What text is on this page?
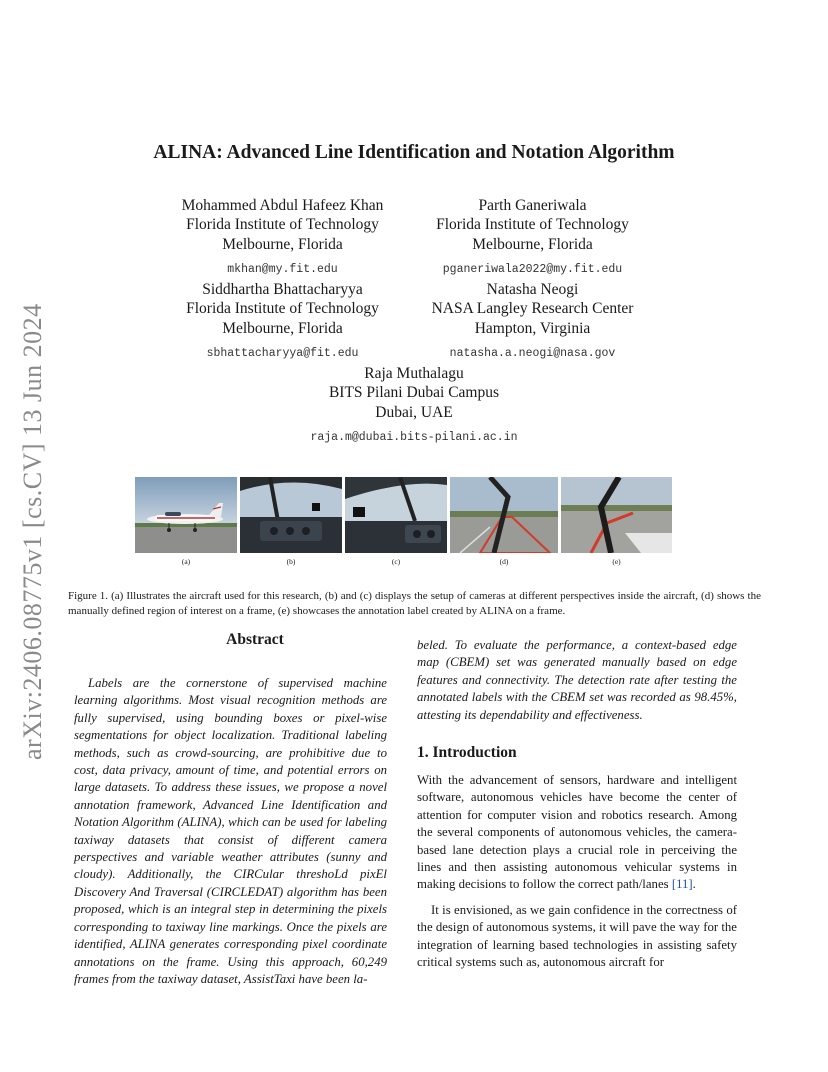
arXiv:2406.08775v1 [cs.CV] 13 Jun 2024
ALINA: Advanced Line Identification and Notation Algorithm
Mohammed Abdul Hafeez Khan
Florida Institute of Technology
Melbourne, Florida
mkhan@my.fit.edu
Parth Ganeriwala
Florida Institute of Technology
Melbourne, Florida
pganeriwala2022@my.fit.edu
Siddhartha Bhattacharyya
Florida Institute of Technology
Melbourne, Florida
sbhattacharyya@fit.edu
Natasha Neogi
NASA Langley Research Center
Hampton, Virginia
natasha.a.neogi@nasa.gov
Raja Muthalagu
BITS Pilani Dubai Campus
Dubai, UAE
raja.m@dubai.bits-pilani.ac.in
(a)	(b)	(c)	(d)	(e)
Figure 1. (a) Illustrates the aircraft used for this research, (b) and (c) displays the setup of cameras at different perspectives inside the aircraft, (d) shows the manually defined region of interest on a frame, (e) showcases the annotation label created by ALINA on a frame.
Abstract
Labels are the cornerstone of supervised machine learning algorithms. Most visual recognition methods are fully supervised, using bounding boxes or pixel-wise segmentations for object localization. Traditional labeling methods, such as crowd-sourcing, are prohibitive due to cost, data privacy, amount of time, and potential errors on large datasets. To address these issues, we propose a novel annotation framework, Advanced Line Identification and Notation Algorithm (ALINA), which can be used for labeling taxiway datasets that consist of different camera perspectives and variable weather attributes (sunny and cloudy). Additionally, the CIRCular threshoLd pixEl Discovery And Traversal (CIRCLEDAT) algorithm has been proposed, which is an integral step in determining the pixels corresponding to taxiway line markings. Once the pixels are identified, ALINA generates corresponding pixel coordinate annotations on the frame. Using this approach, 60,249 frames from the taxiway dataset, AssistTaxi have been la-
beled. To evaluate the performance, a context-based edge map (CBEM) set was generated manually based on edge features and connectivity. The detection rate after testing the annotated labels with the CBEM set was recorded as 98.45%, attesting its dependability and effectiveness.
1. Introduction
With the advancement of sensors, hardware and intelligent software, autonomous vehicles have become the center of attention for computer vision and robotics research. Among the several components of autonomous vehicles, the camera-based lane detection plays a crucial role in perceiving the lines and then assisting autonomous vehicular systems in making decisions to follow the correct path/lanes [11].
It is envisioned, as we gain confidence in the correctness of the design of autonomous systems, it will pave the way for the integration of learning based technologies in assisting safety critical systems such as, autonomous aircraft for
